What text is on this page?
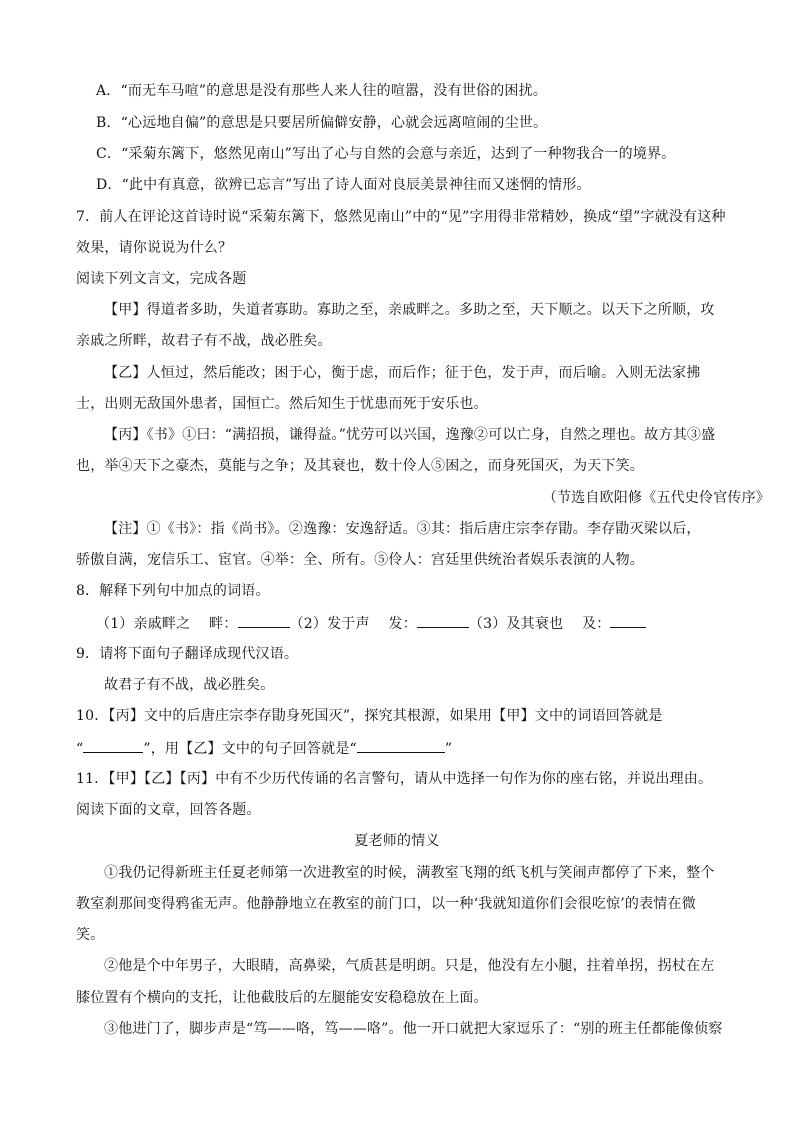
A．“而无车马喧”的意思是没有那些人来人往的喧嚣，没有世俗的困扰。
B．“心远地自偏”的意思是只要居所偏僻安静，心就会远离喧闹的尘世。
C．“采菊东篱下，悠然见南山”写出了心与自然的会意与亲近，达到了一种物我合一的境界。
D．“此中有真意，欲辨已忘言”写出了诗人面对良辰美景神往而又迷惘的情形。
7．前人在评论这首诗时说“采菊东篱下，悠然见南山”中的“见”字用得非常精妙，换成“望”字就没有这种
效果，请你说说为什么？
阅读下列文言文，完成各题
【甲】得道者多助，失道者寡助。寡助之至，亲戚畔之。多助之至，天下顺之。以天下之所顺，攻
亲戚之所畔，故君子有不战，战必胜矣。
【乙】人恒过，然后能改；困于心，衡于虑，而后作；征于色，发于声，而后喻。入则无法家拂
士，出则无敌国外患者，国恒亡。然后知生于忧患而死于安乐也。
【丙】《书》①曰：“满招损，谦得益。”忧劳可以兴国，逸豫②可以亡身，自然之理也。故方其③盛
也，举④天下之豪杰，莫能与之争；及其衰也，数十伶人⑤困之，而身死国灭，为天下笑。
（节选自欧阳修《五代史伶官传序》
【注】①《书》：指《尚书》。②逸豫：安逸舒适。③其：指后唐庄宗李存勖。李存勖灭梁以后，
骄傲自满，宠信乐工、宦官。④举：全、所有。⑤伶人：宫廷里供统治者娱乐表演的人物。
8．解释下列句中加点的词语。
（1）亲戚畔之　 畔：	（2）发于声　 发：	（3）及其衰也　 及：
9．请将下面句子翻译成现代汉语。
故君子有不战，战必胜矣。
10．【丙】文中的后唐庄宗李存勖身死国灭”，探究其根源，如果用【甲】文中的词语回答就是
“	”，用【乙】文中的句子回答就是“	”
11．【甲】【乙】【丙】中有不少历代传诵的名言警句，请从中选择一句作为你的座右铭，并说出理由。
阅读下面的文章，回答各题。
夏老师的情义
①我仍记得新班主任夏老师第一次进教室的时候，满教室飞翔的纸飞机与笑闹声都停了下来，整个
教室刹那间变得鸦雀无声。他静静地立在教室的前门口，以一种‘我就知道你们会很吃惊’的表情在微
笑。
②他是个中年男子，大眼睛，高鼻梁，气质甚是明朗。只是，他没有左小腿，拄着单拐，拐杖在左
膝位置有个横向的支托，让他截肢后的左腿能安安稳稳放在上面。
③他进门了，脚步声是“笃——咯，笃——咯”。他一开口就把大家逗乐了：“别的班主任都能像侦察
